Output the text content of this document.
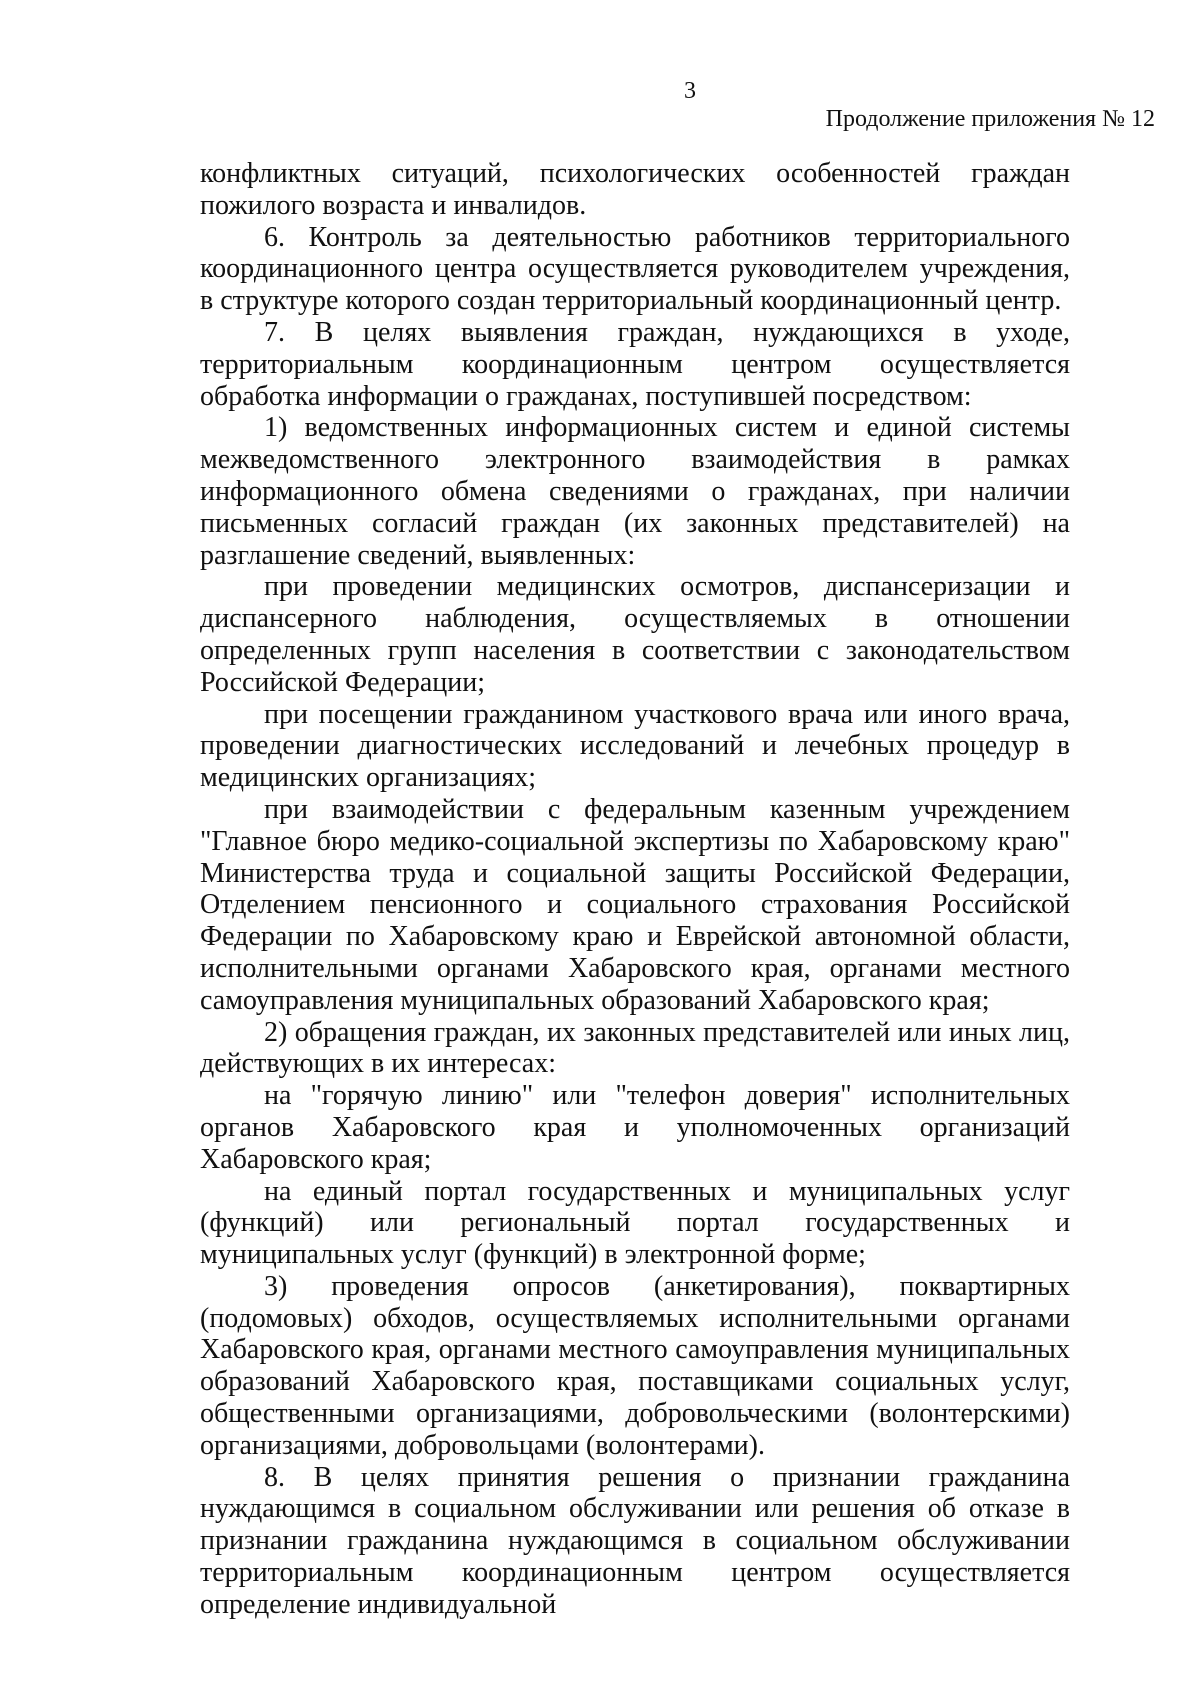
3
Продолжение приложения № 12

конфликтных ситуаций, психологических особенностей граждан пожилого возраста и инвалидов.

6. Контроль за деятельностью работников территориального координационного центра осуществляется руководителем учреждения, в структуре которого создан территориальный координационный центр.

7. В целях выявления граждан, нуждающихся в уходе, территориальным координационным центром осуществляется обработка информации о гражданах, поступившей посредством:

1) ведомственных информационных систем и единой системы межведомственного электронного взаимодействия в рамках информационного обмена сведениями о гражданах, при наличии письменных согласий граждан (их законных представителей) на разглашение сведений, выявленных:

при проведении медицинских осмотров, диспансеризации и диспансерного наблюдения, осуществляемых в отношении определенных групп населения в соответствии с законодательством Российской Федерации;

при посещении гражданином участкового врача или иного врача, проведении диагностических исследований и лечебных процедур в медицинских организациях;

при взаимодействии с федеральным казенным учреждением "Главное бюро медико-социальной экспертизы по Хабаровскому краю" Министерства труда и социальной защиты Российской Федерации, Отделением пенсионного и социального страхования Российской Федерации по Хабаровскому краю и Еврейской автономной области, исполнительными органами Хабаровского края, органами местного самоуправления муниципальных образований Хабаровского края;

2) обращения граждан, их законных представителей или иных лиц, действующих в их интересах:

на "горячую линию" или "телефон доверия" исполнительных органов Хабаровского края и уполномоченных организаций Хабаровского края;

на единый портал государственных и муниципальных услуг (функций) или региональный портал государственных и муниципальных услуг (функций) в электронной форме;

3) проведения опросов (анкетирования), поквартирных (подомовых) обходов, осуществляемых исполнительными органами Хабаровского края, органами местного самоуправления муниципальных образований Хабаровского края, поставщиками социальных услуг, общественными организациями, добровольческими (волонтерскими) организациями, добровольцами (волонтерами).

8. В целях принятия решения о признании гражданина нуждающимся в социальном обслуживании или решения об отказе в признании гражданина нуждающимся в социальном обслуживании территориальным координационным центром осуществляется определение индивидуальной
